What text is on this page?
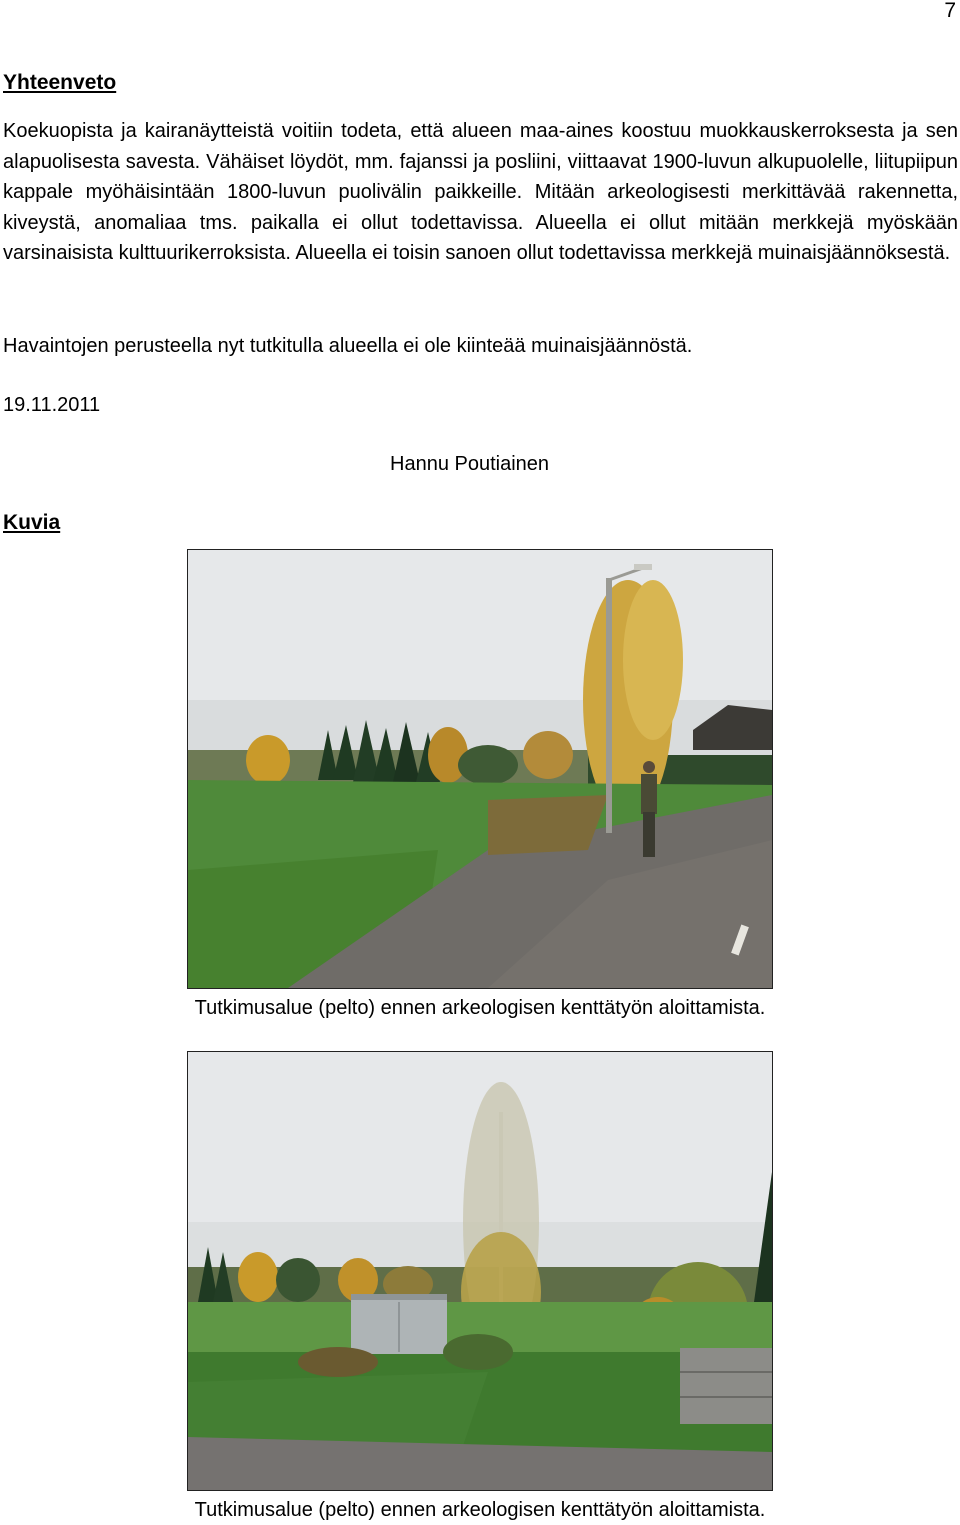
7
Yhteenveto
Koekuopista ja kairanäytteistä voitiin todeta, että alueen maa-aines koostuu muokkauskerroksesta ja sen alapuolisesta savesta. Vähäiset löydöt, mm. fajanssi ja posliini, viittaavat 1900-luvun alkupuolelle, liitupiipun kappale myöhäisintään 1800-luvun puolivälin paikkeille. Mitään arkeologisesti merkittävää rakennetta, kiveystä, anomaliaa tms. paikalla ei ollut todettavissa. Alueella ei ollut mitään merkkejä myöskään varsinaisista kulttuurikerroksista. Alueella ei toisin sanoen ollut todettavissa merkkejä muinaisjäännöksestä.
Havaintojen perusteella nyt tutkitulla alueella ei ole kiinteää muinaisjäännöstä.
19.11.2011
Hannu Poutiainen
Kuvia
Tutkimusalue (pelto) ennen arkeologisen kenttätyön aloittamista.
Tutkimusalue (pelto) ennen arkeologisen kenttätyön aloittamista.
